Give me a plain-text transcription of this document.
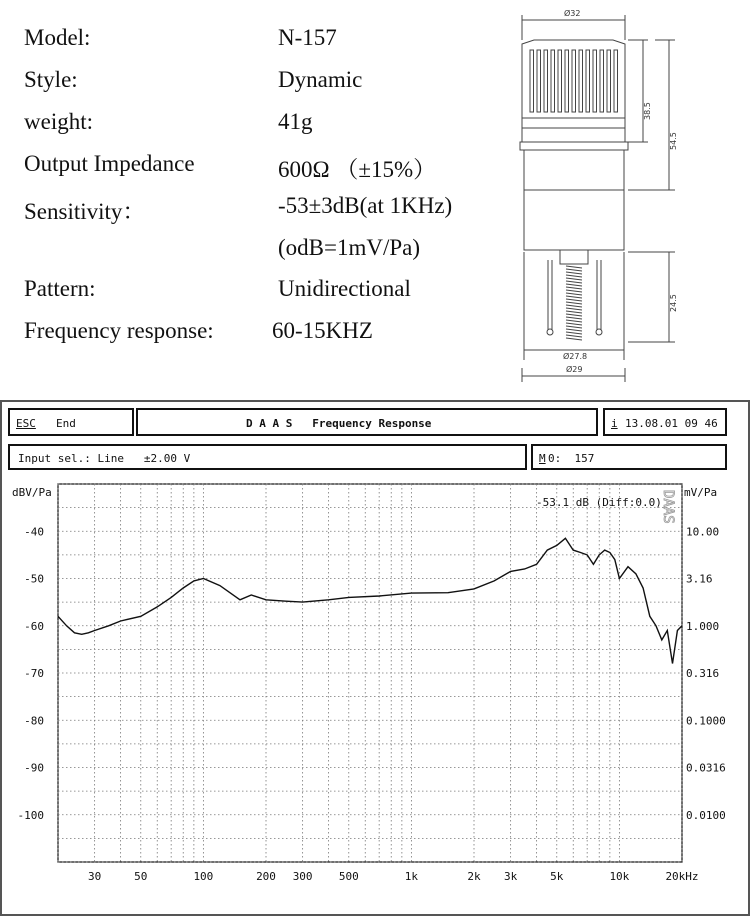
Model:	N-157
Style:	Dynamic
weight:	41g
Output Impedance	600Ω （±15%）
Sensitivity：	-53±3dB(at 1KHz)
(odB=1mV/Pa)
Pattern:	Unidirectional
Frequency response:	60-15KHZ
Ø32
38.5
54.5
24.5
Ø27.8
Ø29
ESC End	D A A S   Frequency Response	i 13.08.01 09 46
Input sel.: Line   ±2.00 V	M 0:  157
dBV/Pa	mV/Pa
-53.1 dB (Diff:0.0)
DAAS
30	50	100	200 300 500	1k	2k 3k	5k	10k	20kHz
-40
-50
-60
-70
-80
-90
-100
10.00
3.16
1.000
0.316
0.1000
0.0316
0.0100
